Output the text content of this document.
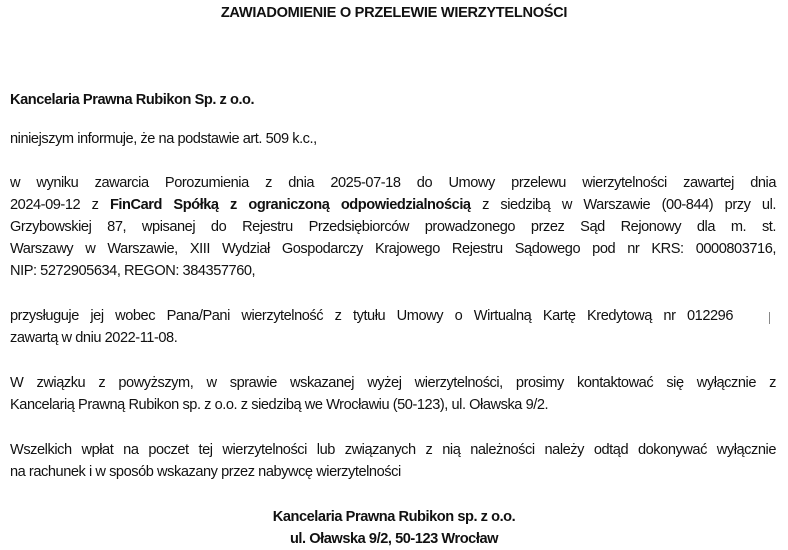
ZAWIADOMIENIE O PRZELEWIE WIERZYTELNOŚCI
Kancelaria Prawna Rubikon Sp. z o.o.
niniejszym informuje, że na podstawie art. 509 k.c.,
w wyniku zawarcia Porozumienia z dnia 2025-07-18 do Umowy przelewu wierzytelności zawartej dnia
2024-09-12 z FinCard Spółką z ograniczoną odpowiedzialnością z siedzibą w Warszawie (00-844) przy ul.
Grzybowskiej 87, wpisanej do Rejestru Przedsiębiorców prowadzonego przez Sąd Rejonowy dla m. st.
Warszawy w Warszawie, XIII Wydział Gospodarczy Krajowego Rejestru Sądowego pod nr KRS: 0000803716,
NIP: 5272905634, REGON: 384357760,
przysługuje jej wobec Pana/Pani wierzytelność z tytułu Umowy o Wirtualną Kartę Kredytową nr 012296
zawartą w dniu 2022-11-08.
W związku z powyższym, w sprawie wskazanej wyżej wierzytelności, prosimy kontaktować się wyłącznie z
Kancelarią Prawną Rubikon sp. z o.o. z siedzibą we Wrocławiu (50-123), ul. Oławska 9/2.
Wszelkich wpłat na poczet tej wierzytelności lub związanych z nią należności należy odtąd dokonywać wyłącznie
na rachunek i w sposób wskazany przez nabywcę wierzytelności
Kancelaria Prawna Rubikon sp. z o.o.
ul. Oławska 9/2, 50-123 Wrocław
